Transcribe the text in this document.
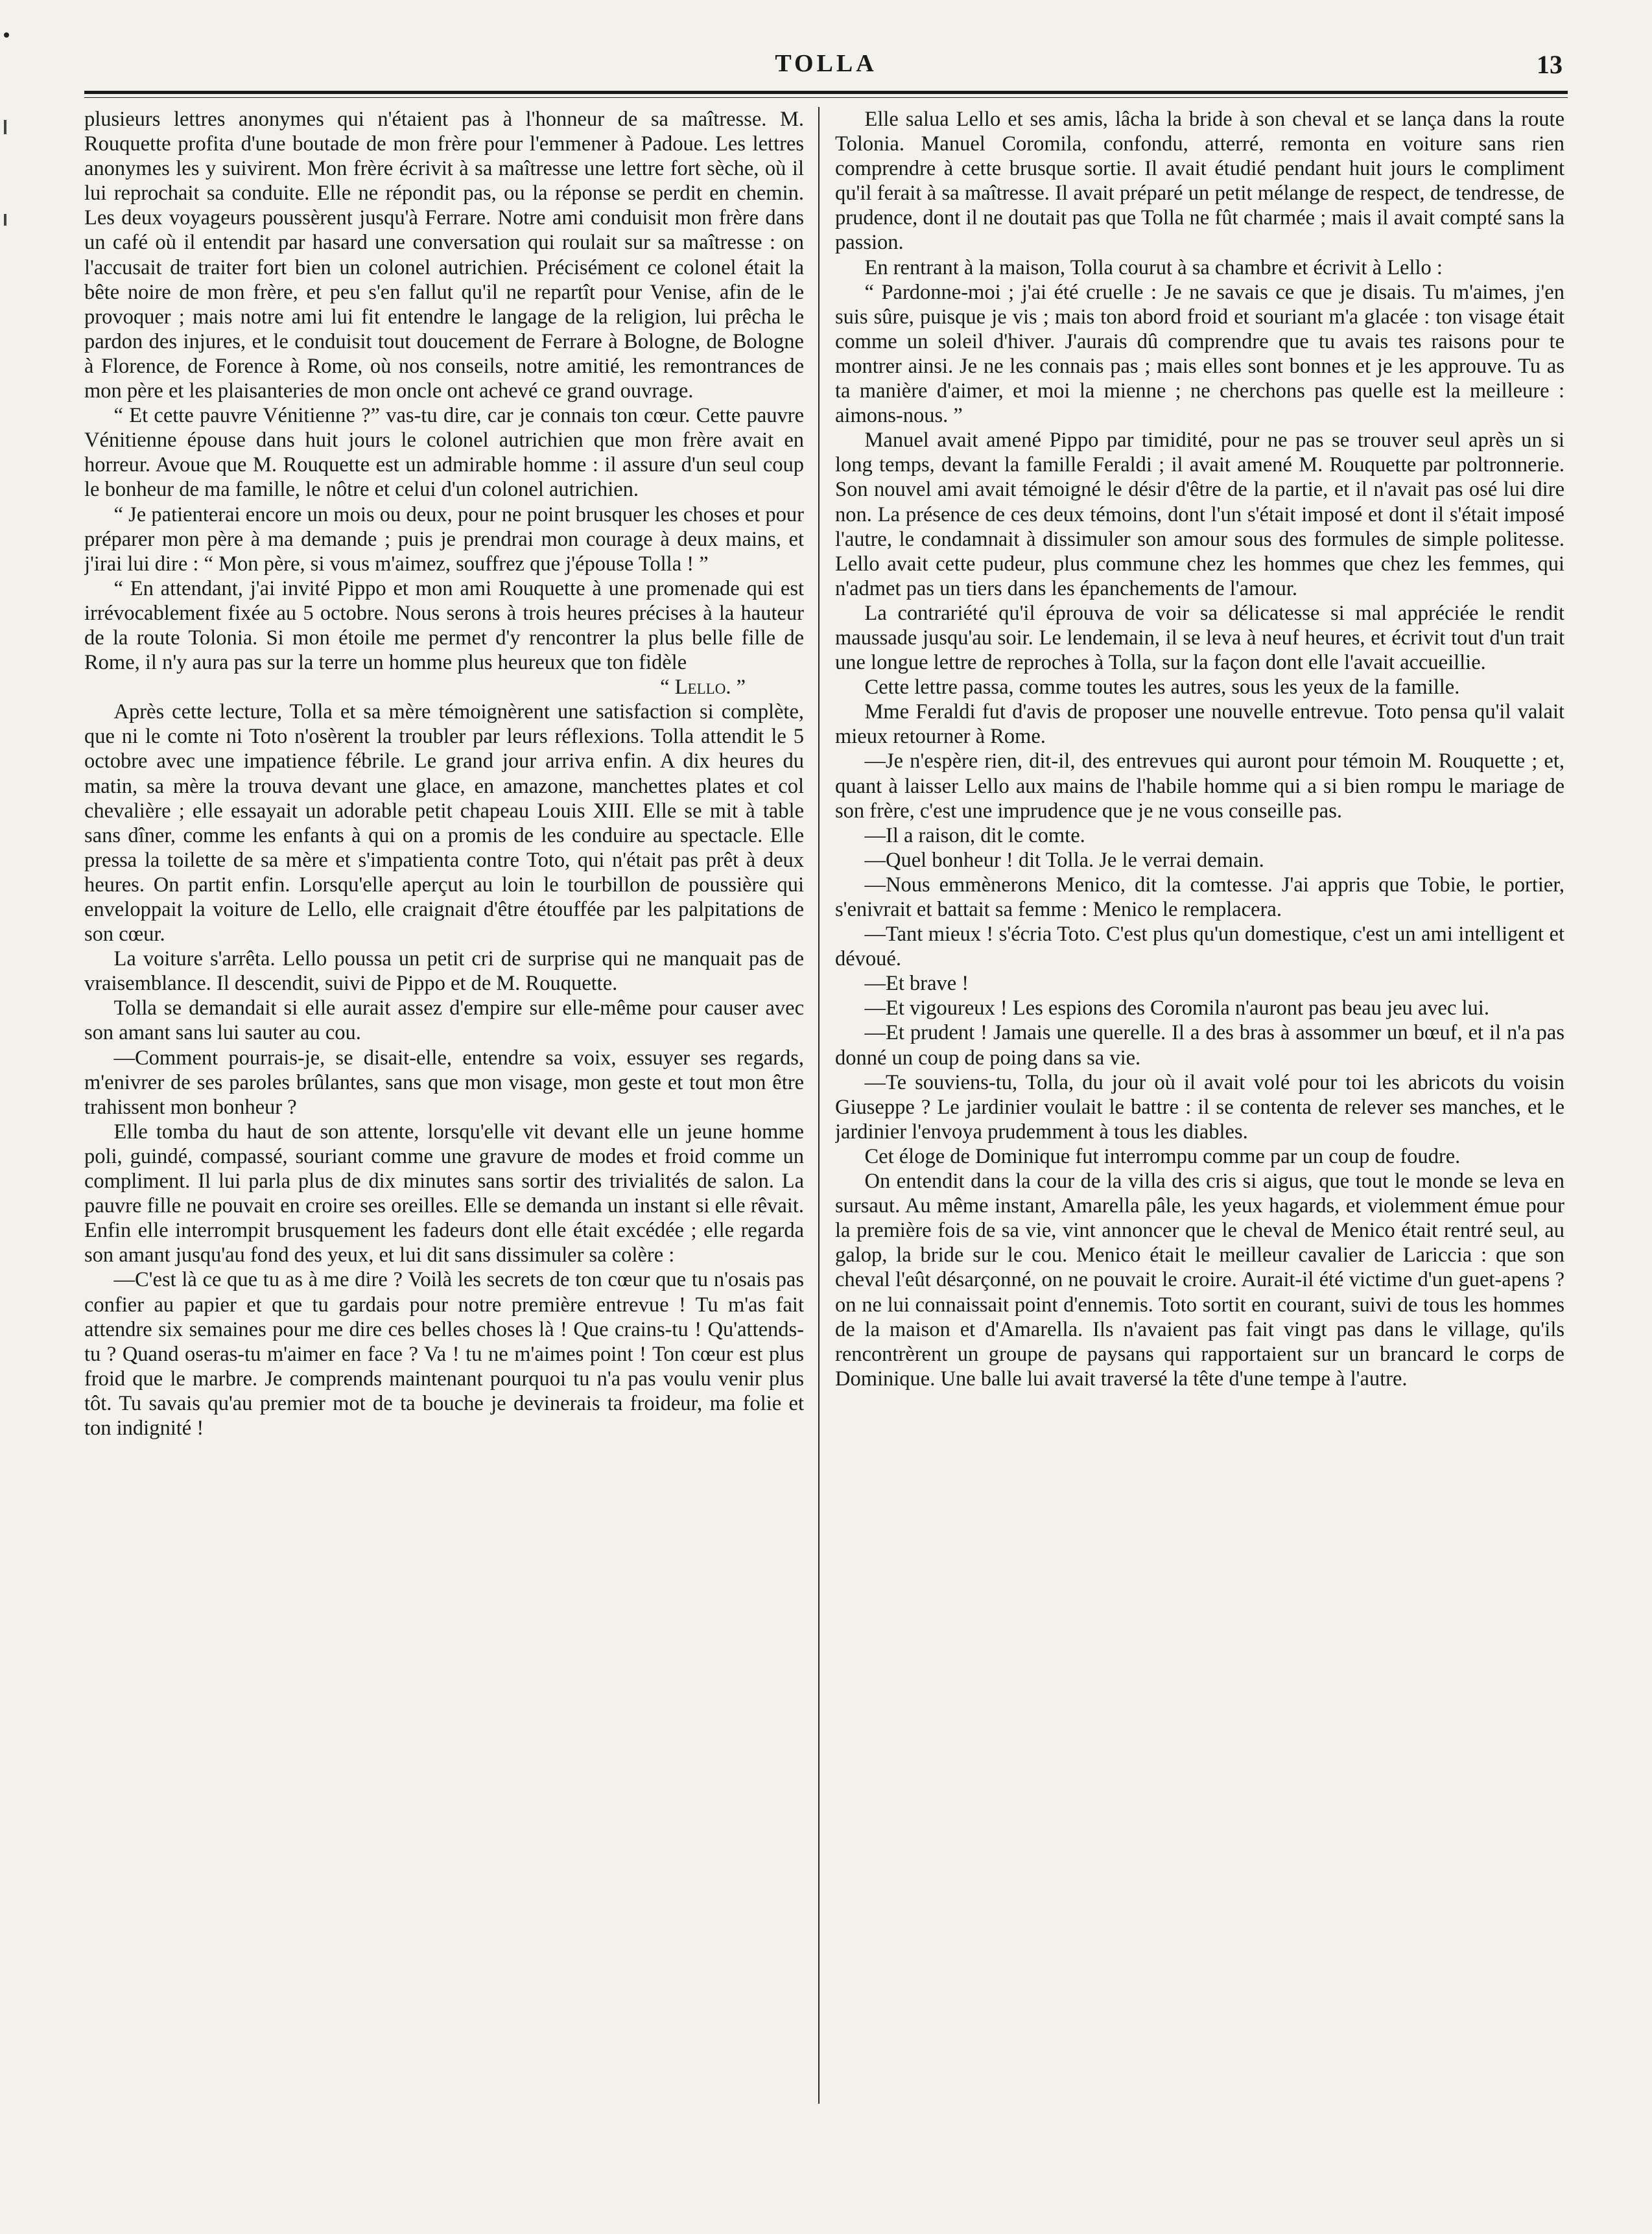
TOLLA	13

plusieurs lettres anonymes qui n'étaient pas à l'honneur de sa maîtresse. M. Rouquette profita d'une boutade de mon frère pour l'emmener à Padoue. Les lettres anonymes les y suivirent. Mon frère écrivit à sa maîtresse une lettre fort sèche, où il lui reprochait sa conduite. Elle ne répondit pas, ou la réponse se perdit en chemin. Les deux voyageurs poussèrent jusqu'à Ferrare. Notre ami conduisit mon frère dans un café où il entendit par hasard une conversation qui roulait sur sa maîtresse : on l'accusait de traiter fort bien un colonel autrichien. Précisément ce colonel était la bête noire de mon frère, et peu s'en fallut qu'il ne repartît pour Venise, afin de le provoquer ; mais notre ami lui fit entendre le langage de la religion, lui prêcha le pardon des injures, et le conduisit tout doucement de Ferrare à Bologne, de Bologne à Florence, de Forence à Rome, où nos conseils, notre amitié, les remontrances de mon père et les plaisanteries de mon oncle ont achevé ce grand ouvrage.

“ Et cette pauvre Vénitienne ?” vas-tu dire, car je connais ton cœur. Cette pauvre Vénitienne épouse dans huit jours le colonel autrichien que mon frère avait en horreur. Avoue que M. Rouquette est un admirable homme : il assure d'un seul coup le bonheur de ma famille, le nôtre et celui d'un colonel autrichien.

“ Je patienterai encore un mois ou deux, pour ne point brusquer les choses et pour préparer mon père à ma demande ; puis je prendrai mon courage à deux mains, et j'irai lui dire : “ Mon père, si vous m'aimez, souffrez que j'épouse Tolla ! ”

“ En attendant, j'ai invité Pippo et mon ami Rouquette à une promenade qui est irrévocablement fixée au 5 octobre. Nous serons à trois heures précises à la hauteur de la route Tolonia. Si mon étoile me permet d'y rencontrer la plus belle fille de Rome, il n'y aura pas sur la terre un homme plus heureux que ton fidèle

“ Lello. ”

Après cette lecture, Tolla et sa mère témoignèrent une satisfaction si complète, que ni le comte ni Toto n'osèrent la troubler par leurs réflexions. Tolla attendit le 5 octobre avec une impatience fébrile. Le grand jour arriva enfin. A dix heures du matin, sa mère la trouva devant une glace, en amazone, manchettes plates et col chevalière ; elle essayait un adorable petit chapeau Louis XIII. Elle se mit à table sans dîner, comme les enfants à qui on a promis de les conduire au spectacle. Elle pressa la toilette de sa mère et s'impatienta contre Toto, qui n'était pas prêt à deux heures. On partit enfin. Lorsqu'elle aperçut au loin le tourbillon de poussière qui enveloppait la voiture de Lello, elle craignait d'être étouffée par les palpitations de son cœur.

La voiture s'arrêta. Lello poussa un petit cri de surprise qui ne manquait pas de vraisemblance. Il descendit, suivi de Pippo et de M. Rouquette.

Tolla se demandait si elle aurait assez d'empire sur elle-même pour causer avec son amant sans lui sauter au cou.

—Comment pourrais-je, se disait-elle, entendre sa voix, essuyer ses regards, m'enivrer de ses paroles brûlantes, sans que mon visage, mon geste et tout mon être trahissent mon bonheur ?

Elle tomba du haut de son attente, lorsqu'elle vit devant elle un jeune homme poli, guindé, compassé, souriant comme une gravure de modes et froid comme un compliment. Il lui parla plus de dix minutes sans sortir des trivialités de salon. La pauvre fille ne pouvait en croire ses oreilles. Elle se demanda un instant si elle rêvait. Enfin elle interrompit brusquement les fadeurs dont elle était excédée ; elle regarda son amant jusqu'au fond des yeux, et lui dit sans dissimuler sa colère :

—C'est là ce que tu as à me dire ? Voilà les secrets de ton cœur que tu n'osais pas confier au papier et que tu gardais pour notre première entrevue ! Tu m'as fait attendre six semaines pour me dire ces belles choses là ! Que crains-tu ! Qu'attends-tu ? Quand oseras-tu m'aimer en face ? Va ! tu ne m'aimes point ! Ton cœur est plus froid que le marbre. Je comprends maintenant pourquoi tu n'a pas voulu venir plus tôt. Tu savais qu'au premier mot de ta bouche je devinerais ta froideur, ma folie et ton indignité !

Elle salua Lello et ses amis, lâcha la bride à son cheval et se lança dans la route Tolonia. Manuel Coromila, confondu, atterré, remonta en voiture sans rien comprendre à cette brusque sortie. Il avait étudié pendant huit jours le compliment qu'il ferait à sa maîtresse. Il avait préparé un petit mélange de respect, de tendresse, de prudence, dont il ne doutait pas que Tolla ne fût charmée ; mais il avait compté sans la passion.

En rentrant à la maison, Tolla courut à sa chambre et écrivit à Lello :

“ Pardonne-moi ; j'ai été cruelle : Je ne savais ce que je disais. Tu m'aimes, j'en suis sûre, puisque je vis ; mais ton abord froid et souriant m'a glacée : ton visage était comme un soleil d'hiver. J'aurais dû comprendre que tu avais tes raisons pour te montrer ainsi. Je ne les connais pas ; mais elles sont bonnes et je les approuve. Tu as ta manière d'aimer, et moi la mienne ; ne cherchons pas quelle est la meilleure : aimons-nous. ”

Manuel avait amené Pippo par timidité, pour ne pas se trouver seul après un si long temps, devant la famille Feraldi ; il avait amené M. Rouquette par poltronnerie. Son nouvel ami avait témoigné le désir d'être de la partie, et il n'avait pas osé lui dire non. La présence de ces deux témoins, dont l'un s'était imposé et dont il s'était imposé l'autre, le condamnait à dissimuler son amour sous des formules de simple politesse. Lello avait cette pudeur, plus commune chez les hommes que chez les femmes, qui n'admet pas un tiers dans les épanchements de l'amour.

La contrariété qu'il éprouva de voir sa délicatesse si mal appréciée le rendit maussade jusqu'au soir. Le lendemain, il se leva à neuf heures, et écrivit tout d'un trait une longue lettre de reproches à Tolla, sur la façon dont elle l'avait accueillie.

Cette lettre passa, comme toutes les autres, sous les yeux de la famille.

Mme Feraldi fut d'avis de proposer une nouvelle entrevue. Toto pensa qu'il valait mieux retourner à Rome.

—Je n'espère rien, dit-il, des entrevues qui auront pour témoin M. Rouquette ; et, quant à laisser Lello aux mains de l'habile homme qui a si bien rompu le mariage de son frère, c'est une imprudence que je ne vous conseille pas.

—Il a raison, dit le comte.

—Quel bonheur ! dit Tolla. Je le verrai demain.

—Nous emmènerons Menico, dit la comtesse. J'ai appris que Tobie, le portier, s'enivrait et battait sa femme : Menico le remplacera.

—Tant mieux ! s'écria Toto. C'est plus qu'un domestique, c'est un ami intelligent et dévoué.

—Et brave !

—Et vigoureux ! Les espions des Coromila n'auront pas beau jeu avec lui.

—Et prudent ! Jamais une querelle. Il a des bras à assommer un bœuf, et il n'a pas donné un coup de poing dans sa vie.

—Te souviens-tu, Tolla, du jour où il avait volé pour toi les abricots du voisin Giuseppe ? Le jardinier voulait le battre : il se contenta de relever ses manches, et le jardinier l'envoya prudemment à tous les diables.

Cet éloge de Dominique fut interrompu comme par un coup de foudre.

On entendit dans la cour de la villa des cris si aigus, que tout le monde se leva en sursaut. Au même instant, Amarella pâle, les yeux hagards, et violemment émue pour la première fois de sa vie, vint annoncer que le cheval de Menico était rentré seul, au galop, la bride sur le cou. Menico était le meilleur cavalier de Lariccia : que son cheval l'eût désarçonné, on ne pouvait le croire. Aurait-il été victime d'un guet-apens ? on ne lui connaissait point d'ennemis. Toto sortit en courant, suivi de tous les hommes de la maison et d'Amarella. Ils n'avaient pas fait vingt pas dans le village, qu'ils rencontrèrent un groupe de paysans qui rapportaient sur un brancard le corps de Dominique. Une balle lui avait traversé la tête d'une tempe à l'autre.
